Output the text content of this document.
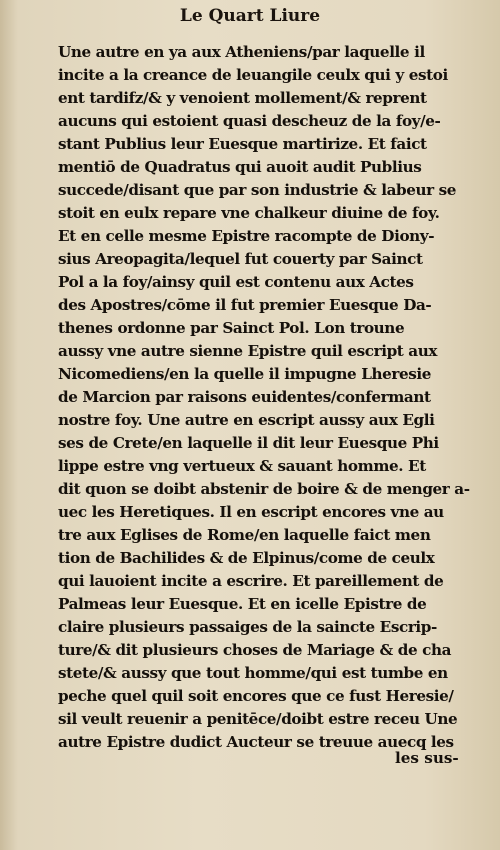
Le Quart Liure
Une autre en ya aux Atheniens/par laquelle il
incite a la creance de leuangile ceulx qui y estoi
ent tardifz/& y venoient mollement/& reprent
aucuns qui estoient quasi descheuz de la foy/e-
stant Publius leur Euesque martirize. Et faict
mentiō de Quadratus qui auoit audit Publius
succede/disant que par son industrie & labeur se
stoit en eulx repare vne chalkeur diuine de foy.
Et en celle mesme Epistre racompte de Diony-
sius Areopagita/lequel fut couerty par Sainct
Pol a la foy/ainsy quil est contenu aux Actes
des Apostres/cōme il fut premier Euesque Da-
thenes ordonne par Sainct Pol. Lon troune
aussy vne autre sienne Epistre quil escript aux
Nicomediens/en la quelle il impugne Lheresie
de Marcion par raisons euidentes/confermant
nostre foy. Une autre en escript aussy aux Egli
ses de Crete/en laquelle il dit leur Euesque Phi
lippe estre vng vertueux & sauant homme. Et
dit quon se doibt abstenir de boire & de menger a-
uec les Heretiques. Il en escript encores vne au
tre aux Eglises de Rome/en laquelle faict men
tion de Bachilides & de Elpinus/come de ceulx
qui lauoient incite a escrire. Et pareillement de
Palmeas leur Euesque. Et en icelle Epistre de
claire plusieurs passaiges de la saincte Escrip-
ture/& dit plusieurs choses de Mariage & de cha
stete/& aussy que tout homme/qui est tumbe en
peche quel quil soit encores que ce fust Heresie/
sil veult reuenir a penitēce/doibt estre receu Une
autre Epistre dudict Aucteur se treuue auecq les
les sus-
